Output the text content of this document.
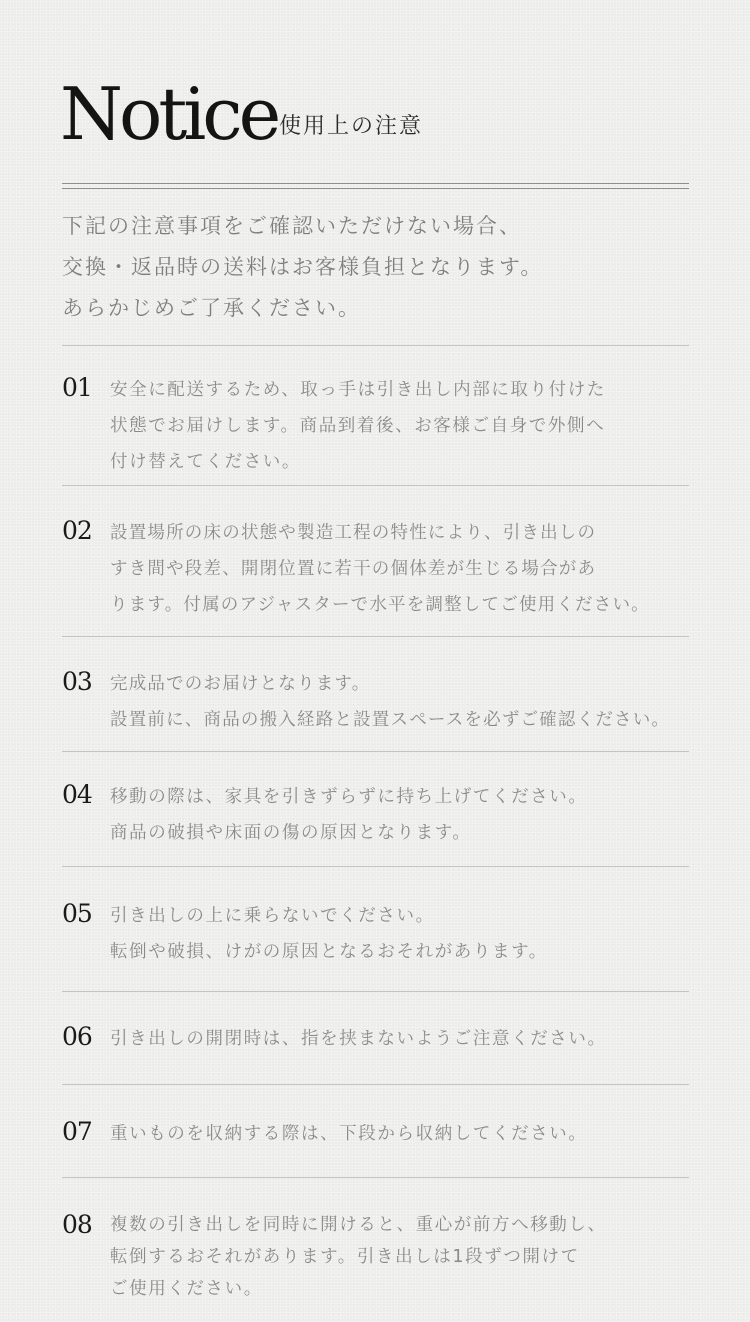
Notice 使用上の注意
下記の注意事項をご確認いただけない場合、
交換・返品時の送料はお客様負担となります。
あらかじめご了承ください。
01 安全に配送するため、取っ手は引き出し内部に取り付けた
状態でお届けします。商品到着後、お客様ご自身で外側へ
付け替えてください。
02 設置場所の床の状態や製造工程の特性により、引き出しの
すき間や段差、開閉位置に若干の個体差が生じる場合があ
ります。付属のアジャスターで水平を調整してご使用ください。
03 完成品でのお届けとなります。
設置前に、商品の搬入経路と設置スペースを必ずご確認ください。
04 移動の際は、家具を引きずらずに持ち上げてください。
商品の破損や床面の傷の原因となります。
05 引き出しの上に乗らないでください。
転倒や破損、けがの原因となるおそれがあります。
06 引き出しの開閉時は、指を挟まないようご注意ください。
07 重いものを収納する際は、下段から収納してください。
08 複数の引き出しを同時に開けると、重心が前方へ移動し、
転倒するおそれがあります。引き出しは1段ずつ開けて
ご使用ください。
